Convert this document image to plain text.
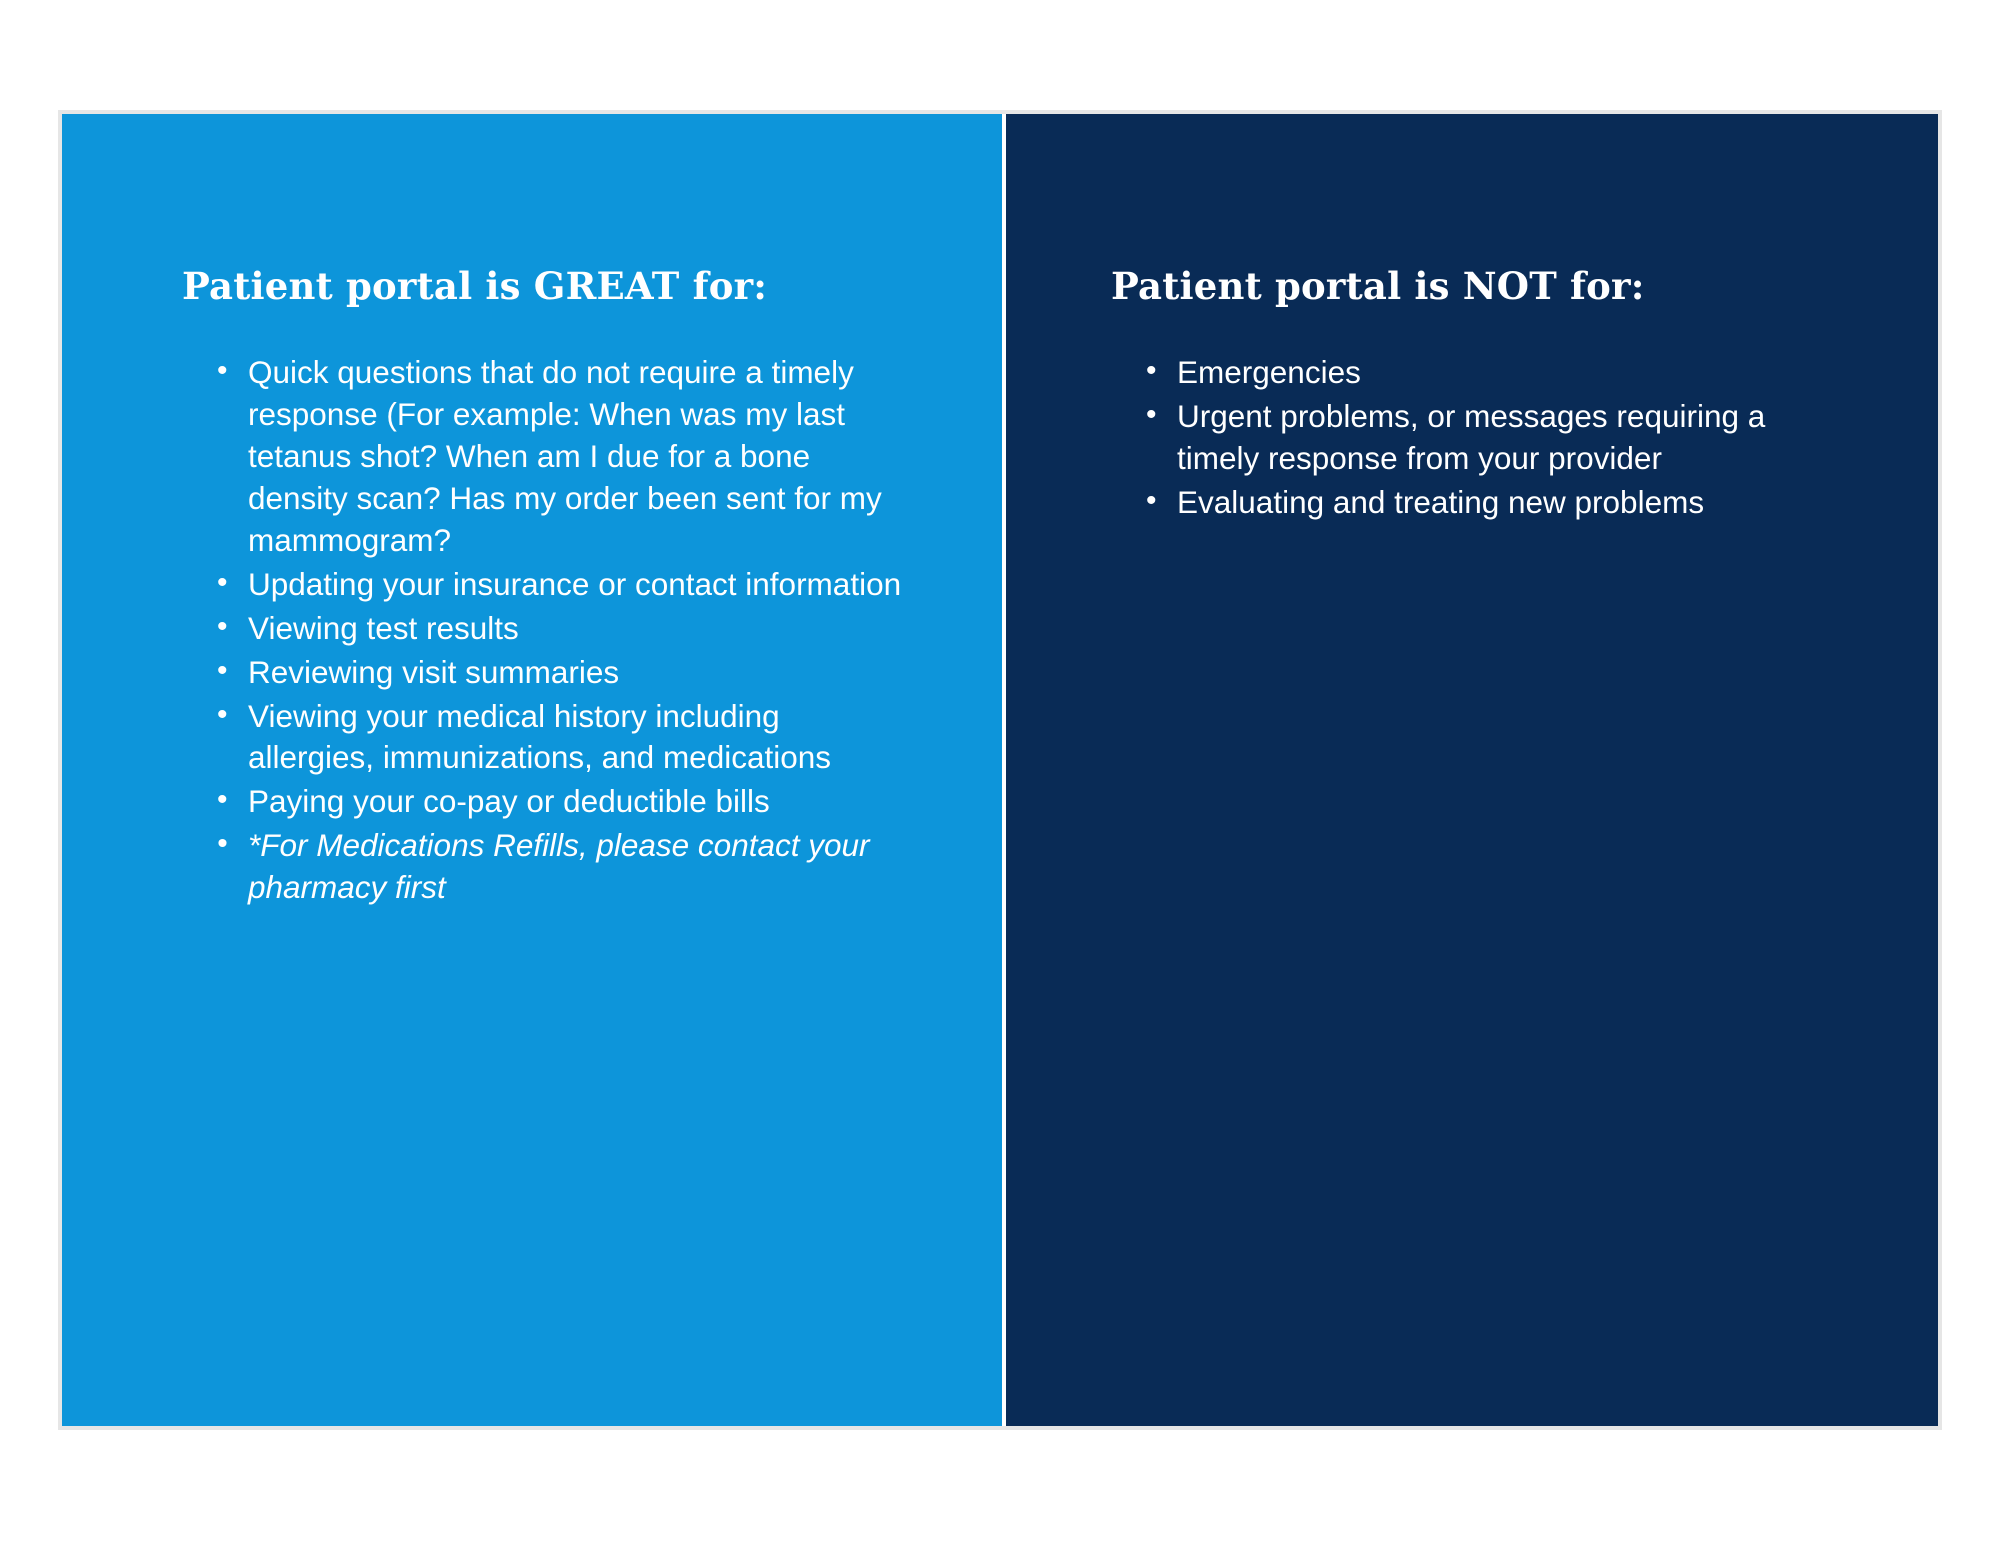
Patient portal is GREAT for:
• Quick questions that do not require a timely response (For example: When was my last tetanus shot? When am I due for a bone density scan? Has my order been sent for my mammogram?
• Updating your insurance or contact information
• Viewing test results
• Reviewing visit summaries
• Viewing your medical history including allergies, immunizations, and medications
• Paying your co-pay or deductible bills
• *For Medications Refills, please contact your pharmacy first
Patient portal is NOT for:
• Emergencies
• Urgent problems, or messages requiring a timely response from your provider
• Evaluating and treating new problems
